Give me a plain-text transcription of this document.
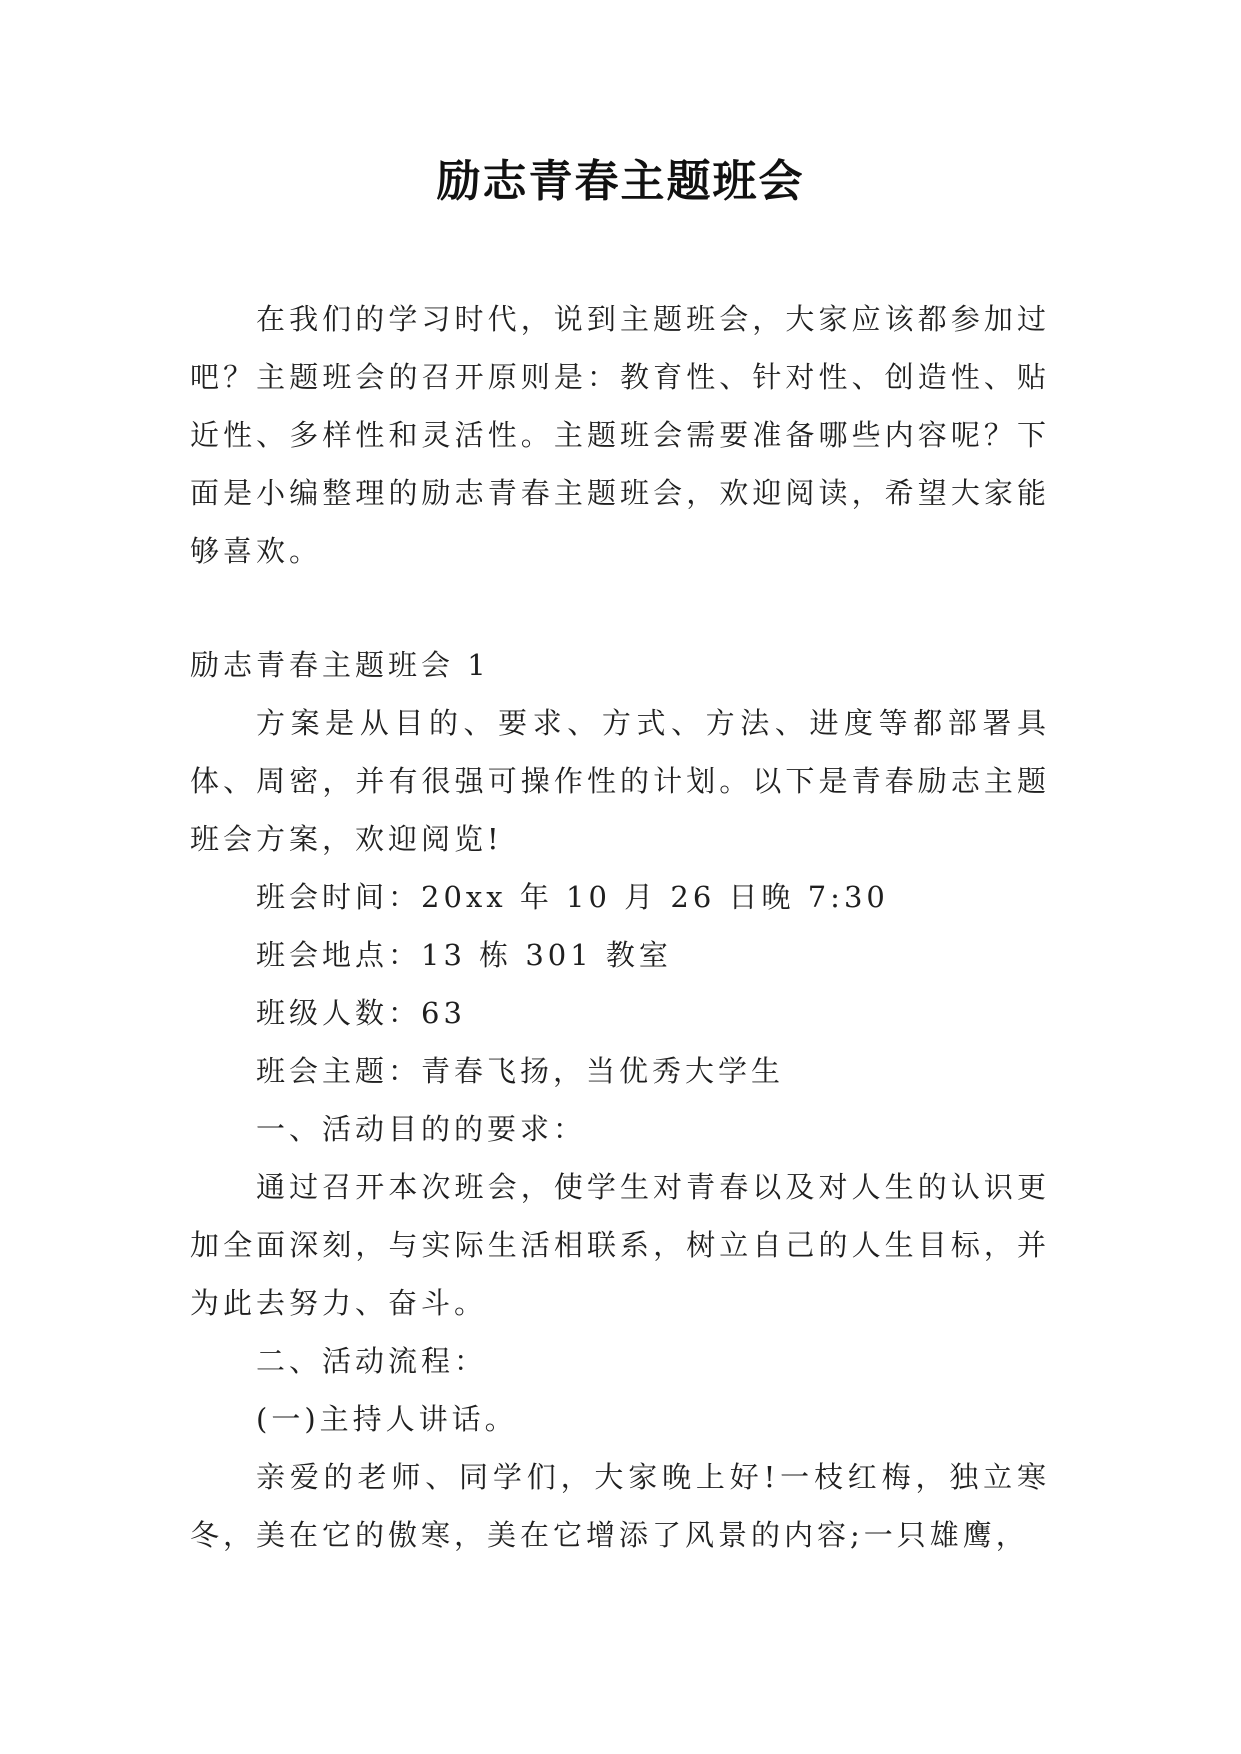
励志青春主题班会

在我们的学习时代，说到主题班会，大家应该都参加过吧？主题班会的召开原则是：教育性、针对性、创造性、贴近性、多样性和灵活性。主题班会需要准备哪些内容呢？下面是小编整理的励志青春主题班会，欢迎阅读，希望大家能够喜欢。

励志青春主题班会 1

方案是从目的、要求、方式、方法、进度等都部署具体、周密，并有很强可操作性的计划。以下是青春励志主题班会方案，欢迎阅览!

班会时间：20xx 年 10 月 26 日晚 7:30

班会地点：13 栋 301 教室

班级人数：63

班会主题：青春飞扬，当优秀大学生

一、活动目的的要求：

通过召开本次班会，使学生对青春以及对人生的认识更加全面深刻，与实际生活相联系，树立自己的人生目标，并为此去努力、奋斗。

二、活动流程：

(一)主持人讲话。

亲爱的老师、同学们，大家晚上好!一枝红梅，独立寒冬，美在它的傲寒，美在它增添了风景的内容;一只雄鹰，
